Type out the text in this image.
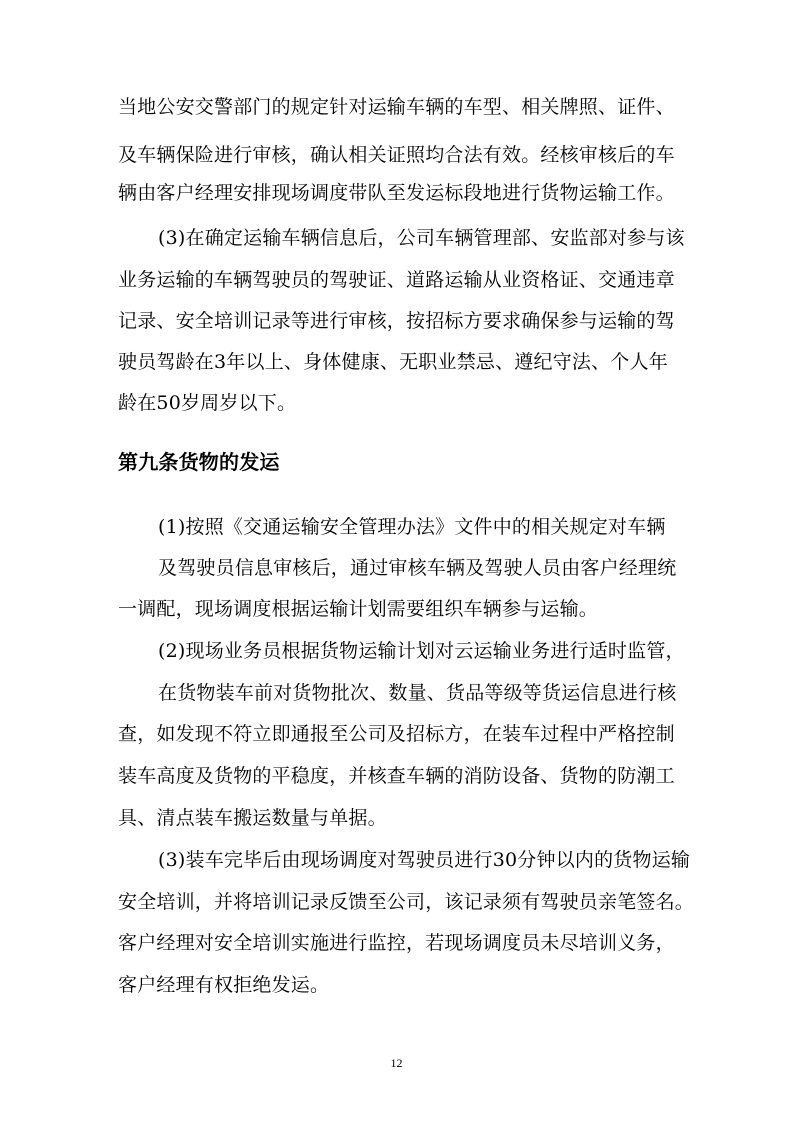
当地公安交警部门的规定针对运输车辆的车型、相关牌照、证件、
及车辆保险进行审核，确认相关证照均合法有效。经核审核后的车
辆由客户经理安排现场调度带队至发运标段地进行货物运输工作。
(3)在确定运输车辆信息后，公司车辆管理部、安监部对参与该
业务运输的车辆驾驶员的驾驶证、道路运输从业资格证、交通违章
记录、安全培训记录等进行审核，按招标方要求确保参与运输的驾
驶员驾龄在3年以上、身体健康、无职业禁忌、遵纪守法、个人年
龄在50岁周岁以下。
第九条货物的发运
(1)按照《交通运输安全管理办法》文件中的相关规定对车辆
及驾驶员信息审核后，通过审核车辆及驾驶人员由客户经理统
一调配，现场调度根据运输计划需要组织车辆参与运输。
(2)现场业务员根据货物运输计划对云运输业务进行适时监管，
在货物装车前对货物批次、数量、货品等级等货运信息进行核
查，如发现不符立即通报至公司及招标方，在装车过程中严格控制
装车高度及货物的平稳度，并核查车辆的消防设备、货物的防潮工
具、清点装车搬运数量与单据。
(3)装车完毕后由现场调度对驾驶员进行30分钟以内的货物运输
安全培训，并将培训记录反馈至公司，该记录须有驾驶员亲笔签名。
客户经理对安全培训实施进行监控，若现场调度员未尽培训义务，
客户经理有权拒绝发运。
12
